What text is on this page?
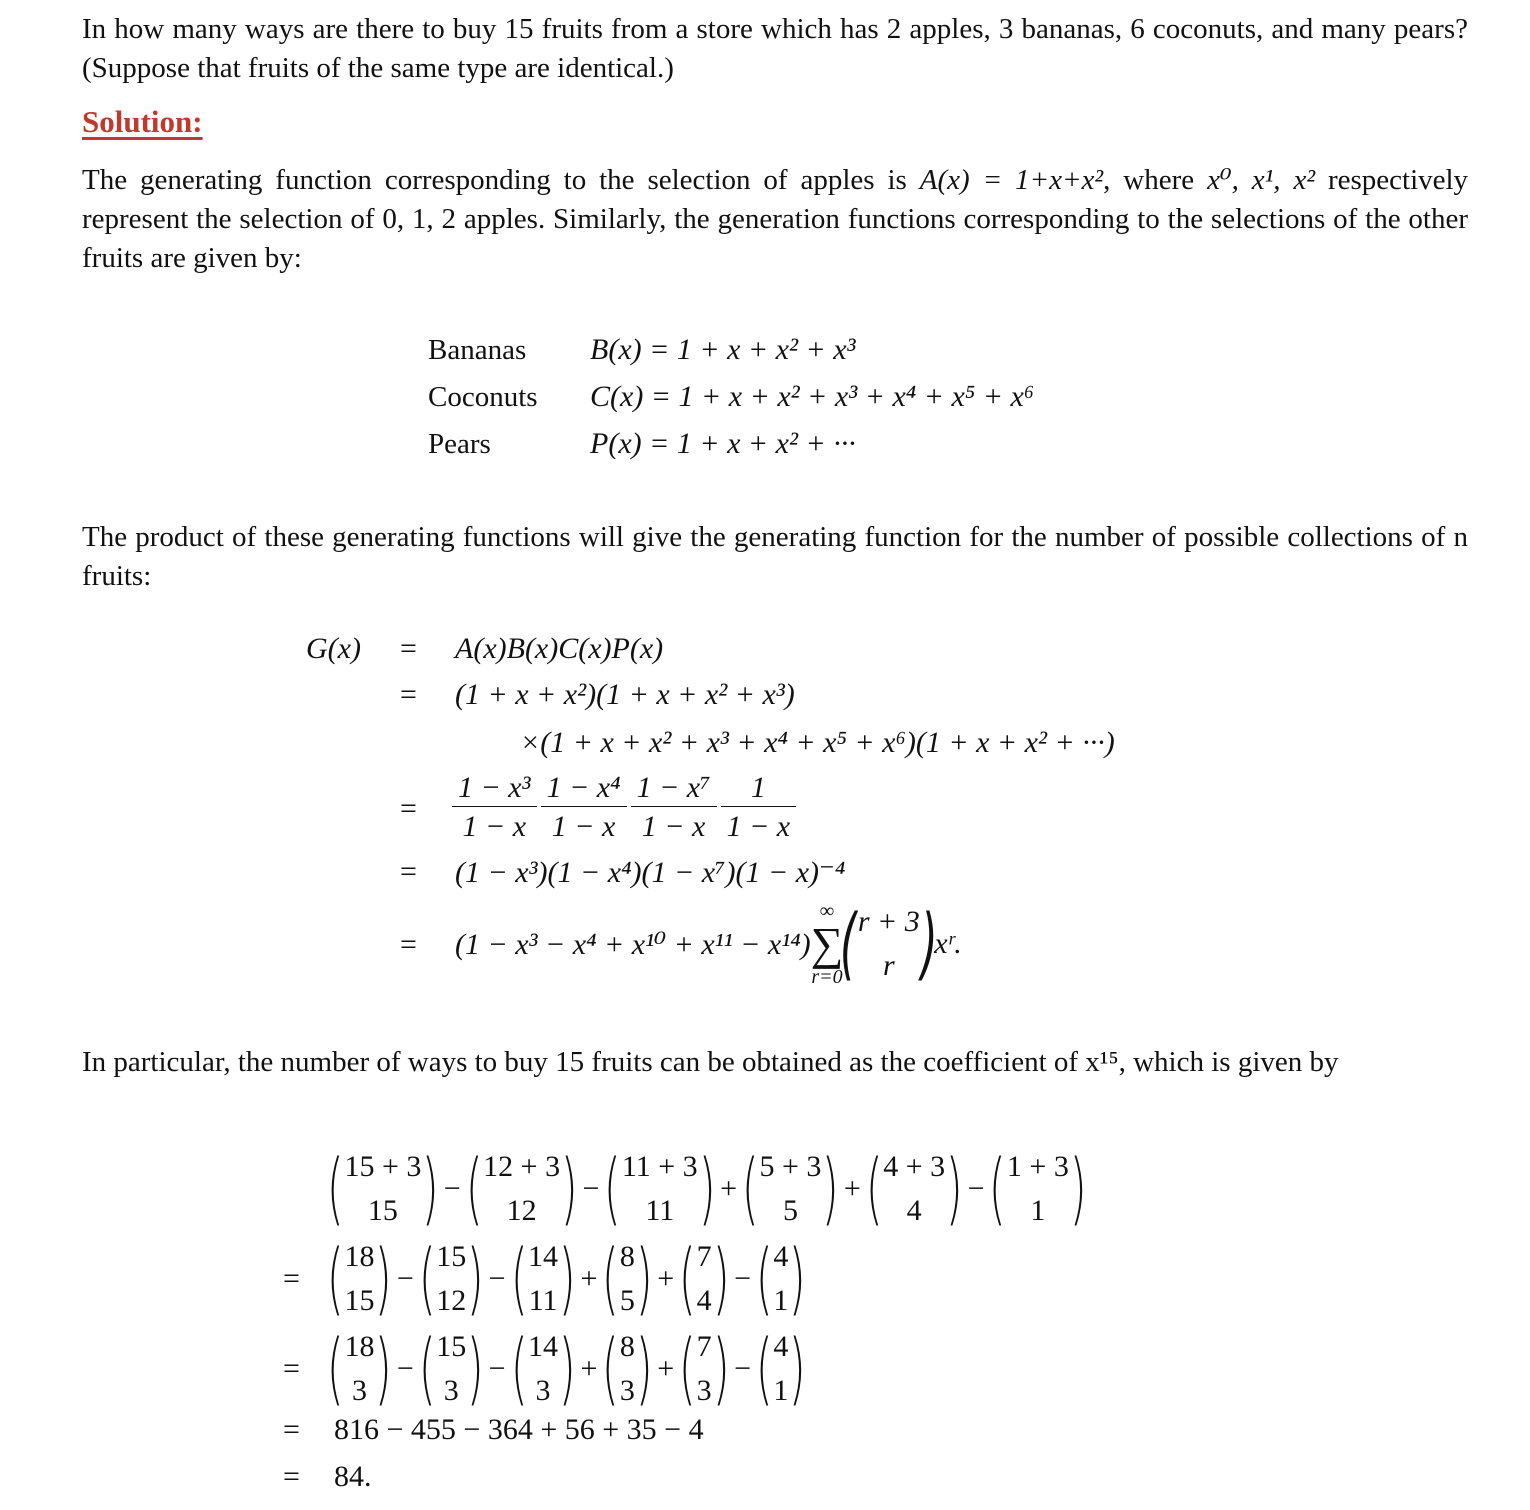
In how many ways are there to buy 15 fruits from a store which has 2 apples, 3 bananas, 6 coconuts, and many pears? (Suppose that fruits of the same type are identical.)
Solution:
The generating function corresponding to the selection of apples is A(x) = 1+x+x², where x⁰, x¹, x² respectively represent the selection of 0, 1, 2 apples. Similarly, the generation functions corresponding to the selections of the other fruits are given by:
Bananas B(x) = 1 + x + x² + x³
Coconuts C(x) = 1 + x + x² + x³ + x⁴ + x⁵ + x⁶
Pears	P(x) = 1 + x + x² + ···
The product of these generating functions will give the generating function for the number of possible collections of n fruits:
G(x) = A(x)B(x)C(x)P(x)
= (1 + x + x²)(1 + x + x² + x³)
×(1 + x + x² + x³ + x⁴ + x⁵ + x⁶)(1 + x + x² + ···)
= $\frac{\text{1 − x³}}{1 - x} \frac{\text{1 − x⁴}}{1 - x} \frac{\text{1 − x⁷}}{1 - x} \frac{1}{1 - x}$
= (1 − x³)(1 − x⁴)(1 − x⁷)(1 − x)⁻⁴
= (1 − x³ − x⁴ + x¹⁰ + x¹¹ − x¹⁴)
∞
∑
r=0
( r + 3
r )
xʳ.
In particular, the number of ways to buy 15 fruits can be obtained as the coefficient of x¹⁵, which is given by
( 15 + 3
15 ) − ( 12 + 3
12 ) − ( 11 + 3
11 ) + ( 5 + 3
5 ) + ( 4 + 3
4 ) − ( 1 + 3
1 )
= ( 18
15 ) − ( 15
12 ) − ( 14
11 ) + ( 8
5 ) + ( 7
4 ) − ( 4
1 )
= ( 18
3 ) − ( 15
3 ) − ( 14
3 ) + ( 8
3 ) + ( 7
3 ) − ( 4
1 )
= 816 − 455 − 364 + 56 + 35 − 4
= 84.
